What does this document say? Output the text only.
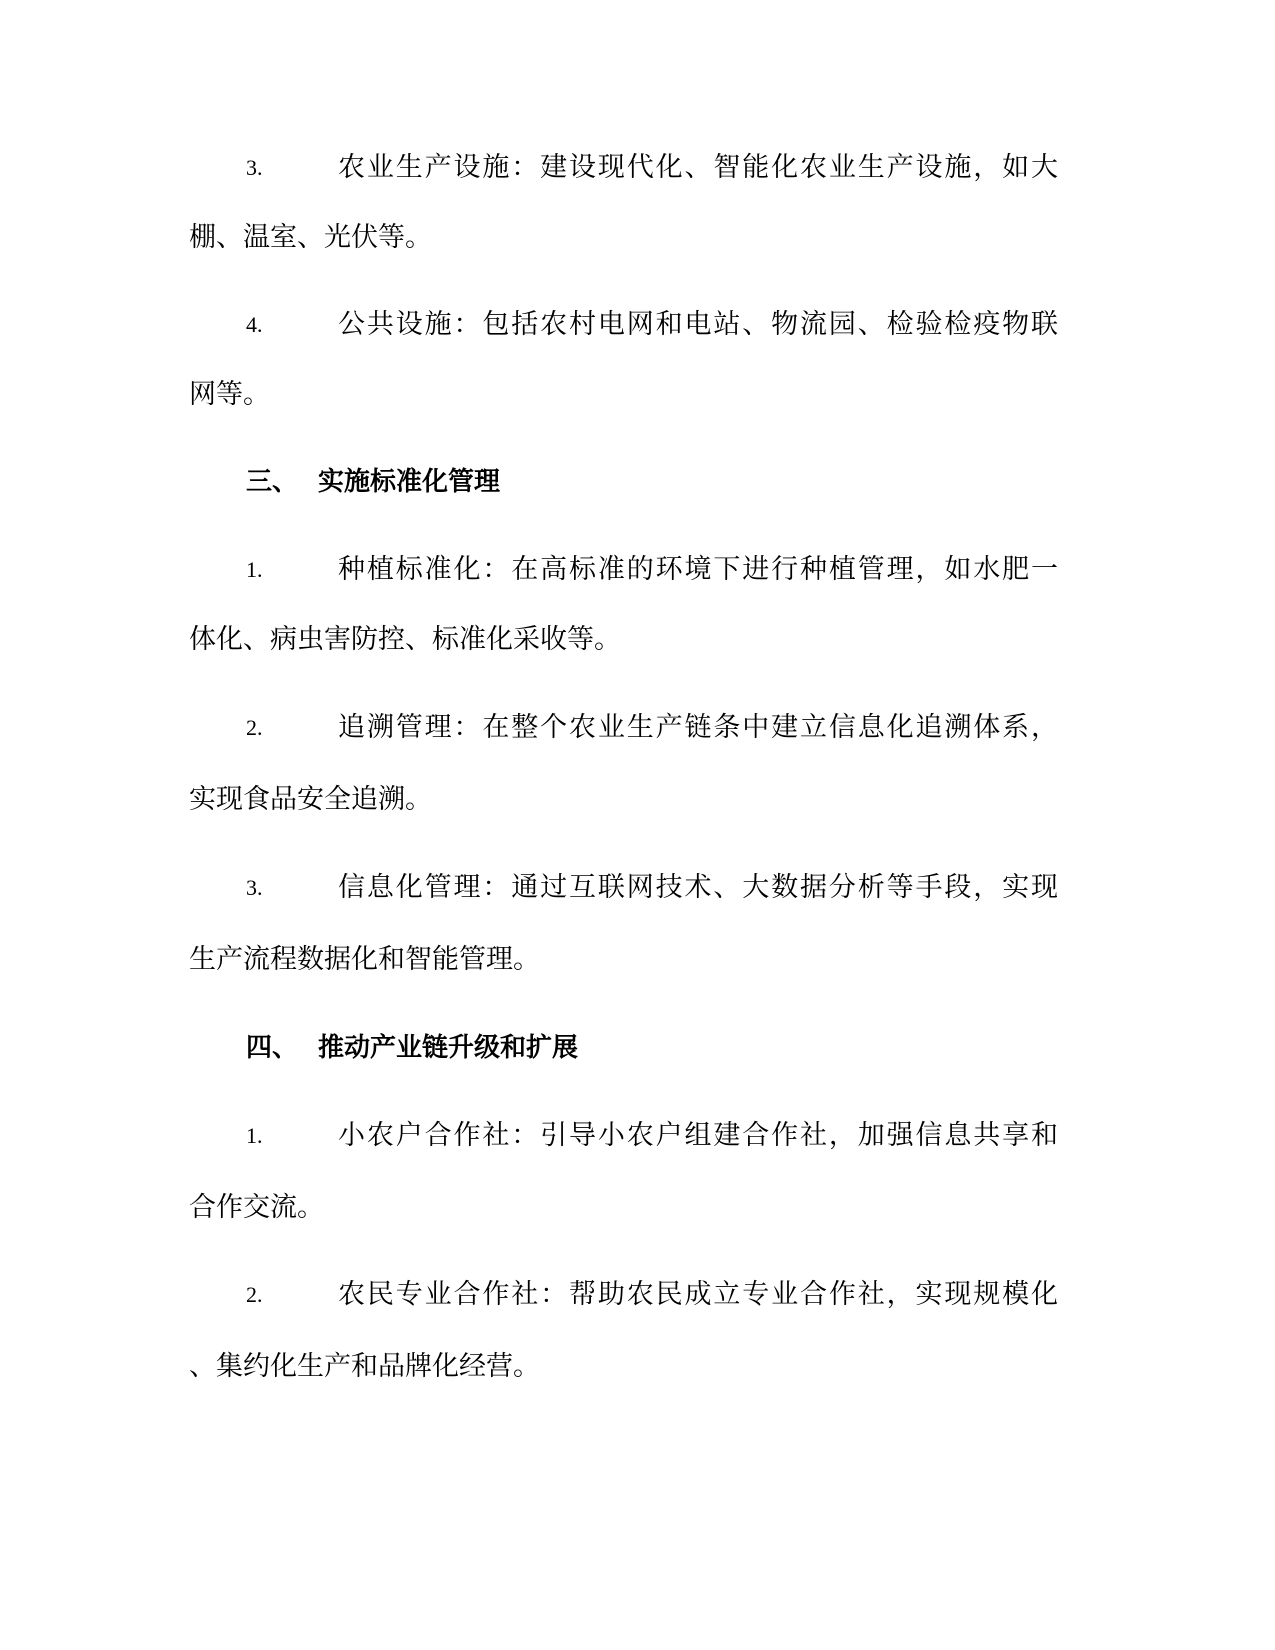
3.	农业生产设施：建设现代化、智能化农业生产设施，如大
棚、温室、光伏等。
4.	公共设施：包括农村电网和电站、物流园、检验检疫物联
网等。
三、 实施标准化管理
1.	种植标准化：在高标准的环境下进行种植管理，如水肥一
体化、病虫害防控、标准化采收等。
2.	追溯管理：在整个农业生产链条中建立信息化追溯体系，
实现食品安全追溯。
3.	信息化管理：通过互联网技术、大数据分析等手段，实现
生产流程数据化和智能管理。
四、 推动产业链升级和扩展
1.	小农户合作社：引导小农户组建合作社，加强信息共享和
合作交流。
2.	农民专业合作社：帮助农民成立专业合作社，实现规模化
、集约化生产和品牌化经营。
